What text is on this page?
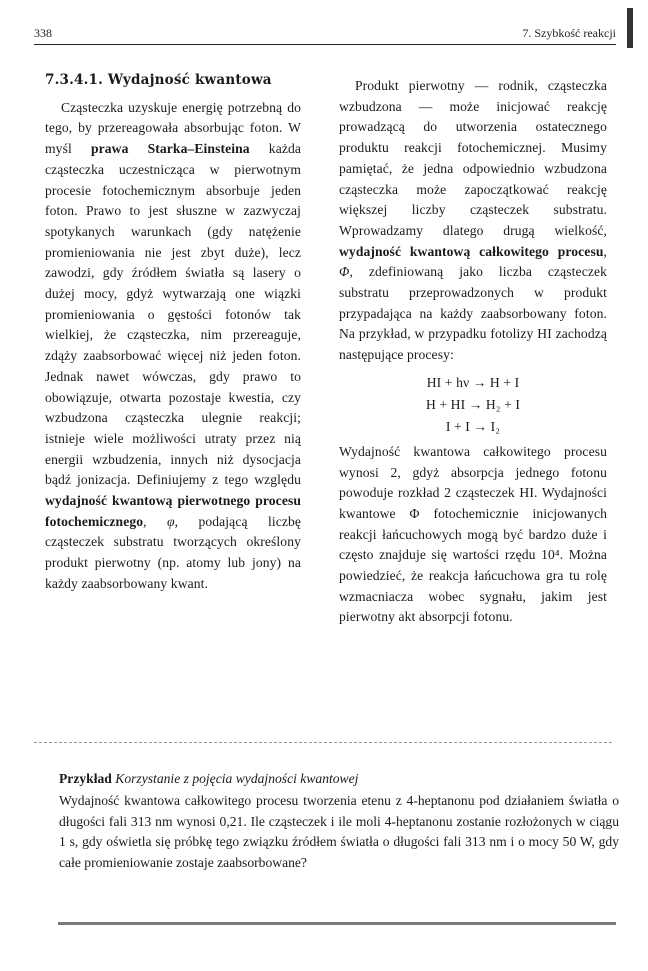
338	7. Szybkość reakcji
7.3.4.1. Wydajność kwantowa

Cząsteczka uzyskuje energię potrzebną do tego, by przereagowała absorbując foton. W myśl prawa Starka–Einsteina każda cząsteczka uczestnicząca w pierwotnym procesie fotochemicznym absorbuje jeden foton. Prawo to jest słuszne w zazwyczaj spotykanych warunkach (gdy natężenie promieniowania nie jest zbyt duże), lecz zawodzi, gdy źródłem światła są lasery o dużej mocy, gdyż wytwarzają one wiązki promieniowania o gęstości fotonów tak wielkiej, że cząsteczka, nim przereaguje, zdąży zaabsorbować więcej niż jeden foton. Jednak nawet wówczas, gdy prawo to obowiązuje, otwarta pozostaje kwestia, czy wzbudzona cząsteczka ulegnie reakcji; istnieje wiele możliwości utraty przez nią energii wzbudzenia, innych niż dysocjacja bądź jonizacja. Definiujemy z tego względu wydajność kwantową pierwotnego procesu fotochemicznego, φ, podającą liczbę cząsteczek substratu tworzących określony produkt pierwotny (np. atomy lub jony) na każdy zaabsorbowany kwant.

Produkt pierwotny — rodnik, cząsteczka wzbudzona — może inicjować reakcję prowadzącą do utworzenia ostatecznego produktu reakcji fotochemicznej. Musimy pamiętać, że jedna odpowiednio wzbudzona cząsteczka może zapoczątkować reakcję większej liczby cząsteczek substratu. Wprowadzamy dlatego drugą wielkość, wydajność kwantową całkowitego procesu, Φ, zdefiniowaną jako liczba cząsteczek substratu przeprowadzonych w produkt przypadająca na każdy zaabsorbowany foton. Na przykład, w przypadku fotolizy HI zachodzą następujące procesy:

HI + hν → H + I
H + HI → H₂ + I
I + I → I₂

Wydajność kwantowa całkowitego procesu wynosi 2, gdyż absorpcja jednego fotonu powoduje rozkład 2 cząsteczek HI. Wydajności kwantowe Φ fotochemicznie inicjowanych reakcji łańcuchowych mogą być bardzo duże i często znajduje się wartości rzędu 10⁴. Można powiedzieć, że reakcja łańcuchowa gra tu rolę wzmacniacza wobec sygnału, jakim jest pierwotny akt absorpcji fotonu.

Przykład Korzystanie z pojęcia wydajności kwantowej

Wydajność kwantowa całkowitego procesu tworzenia etenu z 4-heptanonu pod działaniem światła o długości fali 313 nm wynosi 0,21. Ile cząsteczek i ile moli 4-heptanonu zostanie rozłożonych w ciągu 1 s, gdy oświetla się próbkę tego związku źródłem światła o długości fali 313 nm i o mocy 50 W, gdy całe promieniowanie zostaje zaabsorbowane?
